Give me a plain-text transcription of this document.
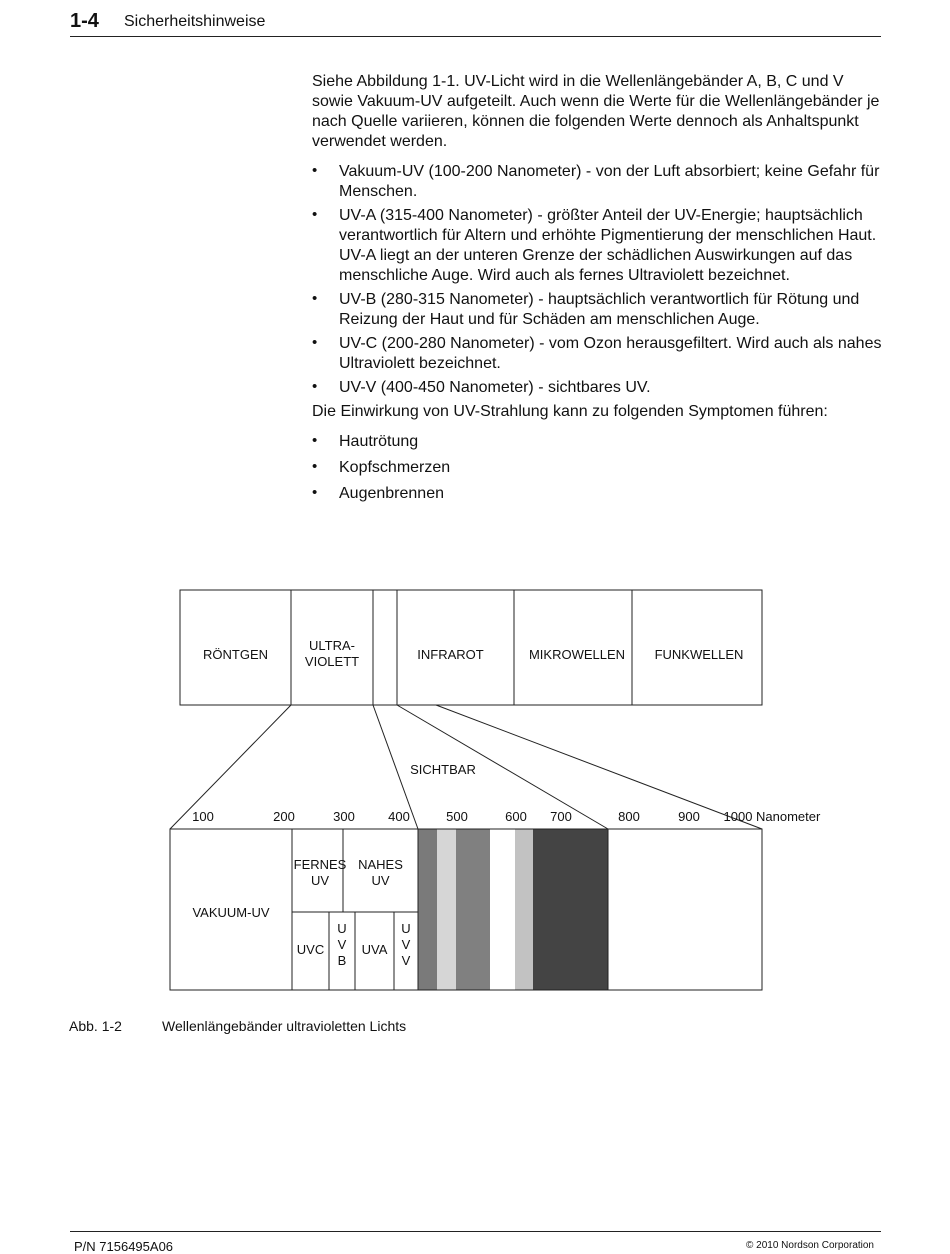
1-4 Sicherheitshinweise

Siehe Abbildung 1-1. UV-Licht wird in die Wellenlängebänder A, B, C und V sowie Vakuum-UV aufgeteilt. Auch wenn die Werte für die Wellenlängebänder je nach Quelle variieren, können die folgenden Werte dennoch als Anhaltspunkt verwendet werden.

• Vakuum-UV (100-200 Nanometer) - von der Luft absorbiert; keine Gefahr für Menschen.
• UV-A (315-400 Nanometer) - größter Anteil der UV-Energie; hauptsächlich verantwortlich für Altern und erhöhte Pigmentierung der menschlichen Haut. UV-A liegt an der unteren Grenze der schädlichen Auswirkungen auf das menschliche Auge. Wird auch als fernes Ultraviolett bezeichnet.
• UV-B (280-315 Nanometer) - hauptsächlich verantwortlich für Rötung und Reizung der Haut und für Schäden am menschlichen Auge.
• UV-C (200-280 Nanometer) - vom Ozon herausgefiltert. Wird auch als nahes Ultraviolett bezeichnet.
• UV-V (400-450 Nanometer) - sichtbares UV.

Die Einwirkung von UV-Strahlung kann zu folgenden Symptomen führen:

• Hautrötung
• Kopfschmerzen
• Augenbrennen
RÖNTGEN
ULTRA-
VIOLETT	INFRAROT	MIKROWELLEN	FUNKWELLEN
SICHTBAR
100	200	300	400	500	600	700	800	900	1000 Nanometer
VAKUUM-UV
FERNES
UV
NAHES
UV
UVC
U
V
B
UVA
U
V
V
Abb. 1-2	Wellenlängebänder ultravioletten Lichts
P/N 7156495A06	© 2010 Nordson Corporation
